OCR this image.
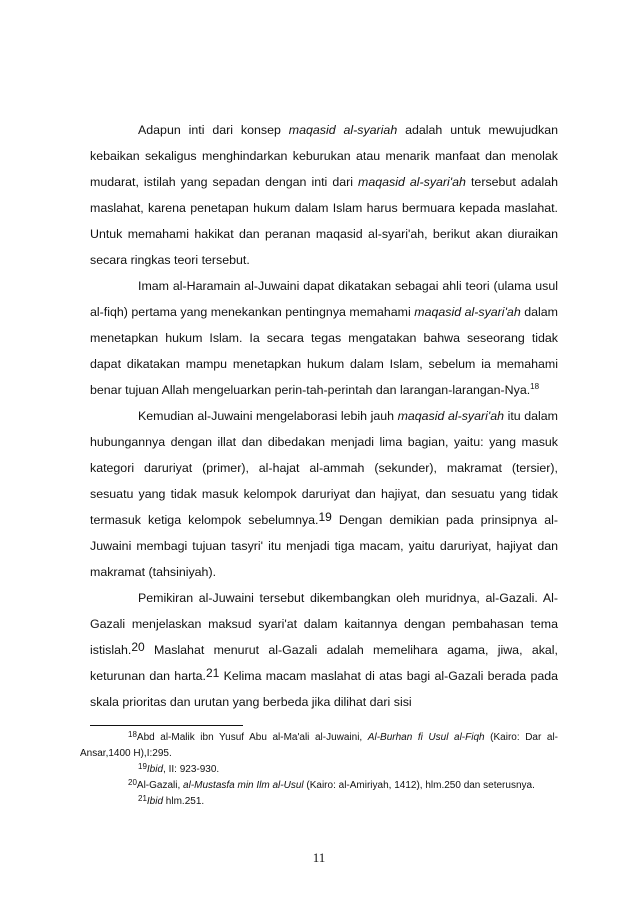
Adapun inti dari konsep maqasid al-syariah adalah untuk mewujudkan kebaikan sekaligus menghindarkan keburukan atau menarik manfaat dan menolak mudarat, istilah yang sepadan dengan inti dari maqasid al-syari'ah tersebut adalah maslahat, karena penetapan hukum dalam Islam harus bermuara kepada maslahat. Untuk memahami hakikat dan peranan maqasid al-syari'ah, berikut akan diuraikan secara ringkas teori tersebut.

Imam al-Haramain al-Juwaini dapat dikatakan sebagai ahli teori (ulama usul al-fiqh) pertama yang menekankan pentingnya memahami maqasid al-syari'ah dalam menetapkan hukum Islam. Ia secara tegas mengatakan bahwa seseorang tidak dapat dikatakan mampu menetapkan hukum dalam Islam, sebelum ia memahami benar tujuan Allah mengeluarkan perin-tah-perintah dan larangan-larangan-Nya.$^{18}$

Kemudian al-Juwaini mengelaborasi lebih jauh maqasid al-syari'ah itu dalam hubungannya dengan illat dan dibedakan menjadi lima bagian, yaitu: yang masuk kategori daruriyat (primer), al-hajat al-ammah (sekunder), makramat (tersier), sesuatu yang tidak masuk kelompok daruriyat dan hajiyat, dan sesuatu yang tidak termasuk ketiga kelompok sebelumnya.$^{19}$ Dengan demikian pada prinsipnya al-Juwaini membagi tujuan tasyri' itu menjadi tiga macam, yaitu daruriyat, hajiyat dan makramat (tahsiniyah).

Pemikiran al-Juwaini tersebut dikembangkan oleh muridnya, al-Gazali. Al-Gazali menjelaskan maksud syari'at dalam kaitannya dengan pembahasan tema istislah.$^{20}$ Maslahat menurut al-Gazali adalah memelihara agama, jiwa, akal, keturunan dan harta.$^{21}$ Kelima macam maslahat di atas bagi al-Gazali berada pada skala prioritas dan urutan yang berbeda jika dilihat dari sisi

$^{18}$Abd al-Malik ibn Yusuf Abu al-Ma'ali al-Juwaini, Al-Burhan fi Usul al-Fiqh (Kairo: Dar al-Ansar,1400 H),I:295.

$^{19}$Ibid, II: 923-930.

$^{20}$Al-Gazali, al-Mustasfa min Ilm al-Usul (Kairo: al-Amiriyah, 1412), hlm.250 dan seterusnya.

$^{21}$Ibid hlm.251.

11
